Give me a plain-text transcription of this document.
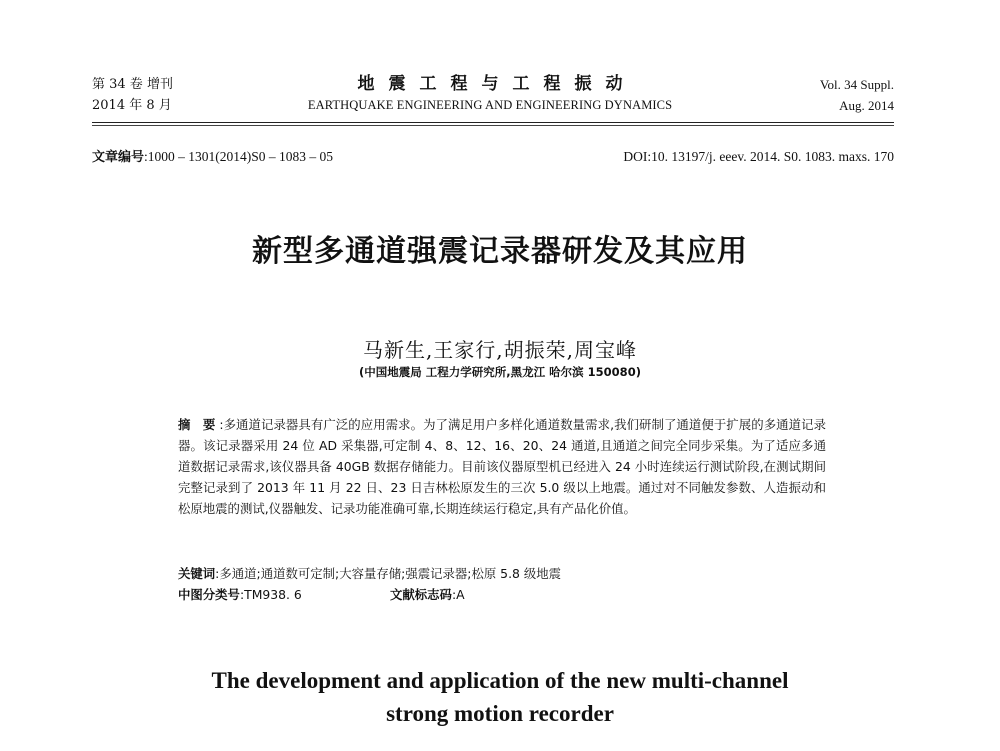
第 34 卷 增刊
2014 年 8 月
地震工程与工程振动
EARTHQUAKE ENGINEERING AND ENGINEERING DYNAMICS
Vol. 34 Suppl.
Aug. 2014
文章编号:1000 – 1301(2014)S0 – 1083 – 05	DOI:10. 13197/j. eeev. 2014. S0. 1083. maxs. 170
新型多通道强震记录器研发及其应用
马新生,王家行,胡振荣,周宝峰
(中国地震局 工程力学研究所,黑龙江 哈尔滨 150080)
摘 要:多通道记录器具有广泛的应用需求。为了满足用户多样化通道数量需求,我们研制了通道便于扩展的多通道记录器。该记录器采用 24 位 AD 采集器,可定制 4、8、12、16、20、24 通道,且通道之间完全同步采集。为了适应多通道数据记录需求,该仪器具备 40GB 数据存储能力。目前该仪器原型机已经进入 24 小时连续运行测试阶段,在测试期间完整记录到了 2013 年 11 月 22 日、23 日吉林松原发生的三次 5.0 级以上地震。通过对不同触发参数、人造振动和松原地震的测试,仪器触发、记录功能准确可靠,长期连续运行稳定,具有产品化价值。
关键词:多通道;通道数可定制;大容量存储;强震记录器;松原 5.8 级地震
中图分类号:TM938. 6	文献标志码:A
The development and application of the new multi-channel
strong motion recorder
